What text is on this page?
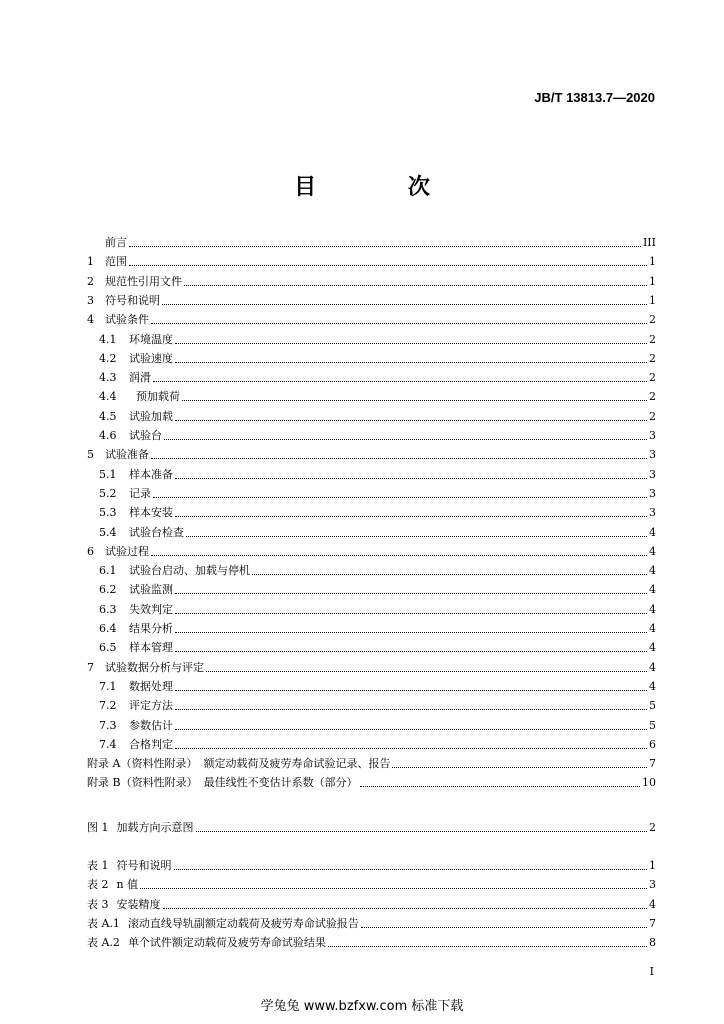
JB/T 13813.7—2020
目 次
前言	III
1	范围	1
2	规范性引用文件	1
3	符号和说明	1
4	试验条件	2
4.1	环境温度	2
4.2	试验速度	2
4.3	润滑	2
4.4	预加载荷	2
4.5	试验加载	2
4.6	试验台	3
5	试验准备	3
5.1	样本准备	3
5.2	记录	3
5.3	样本安装	3
5.4	试验台检查	4
6	试验过程	4
6.1	试验台启动、加载与停机	4
6.2	试验监测	4
6.3	失效判定	4
6.4	结果分析	4
6.5	样本管理	4
7	试验数据分析与评定	4
7.1	数据处理	4
7.2	评定方法	5
7.3	参数估计	5
7.4	合格判定	6
附录 A（资料性附录） 额定动载荷及疲劳寿命试验记录、报告	7
附录 B（资料性附录） 最佳线性不变估计系数（部分）	10
图 1 加载方向示意图	2
表 1 符号和说明	1
表 2 n 值	3
表 3 安装精度	4
表 A.1 滚动直线导轨副额定动载荷及疲劳寿命试验报告	7
表 A.2 单个试件额定动载荷及疲劳寿命试验结果	8
I
学兔兔 www.bzfxw.com 标准下载
